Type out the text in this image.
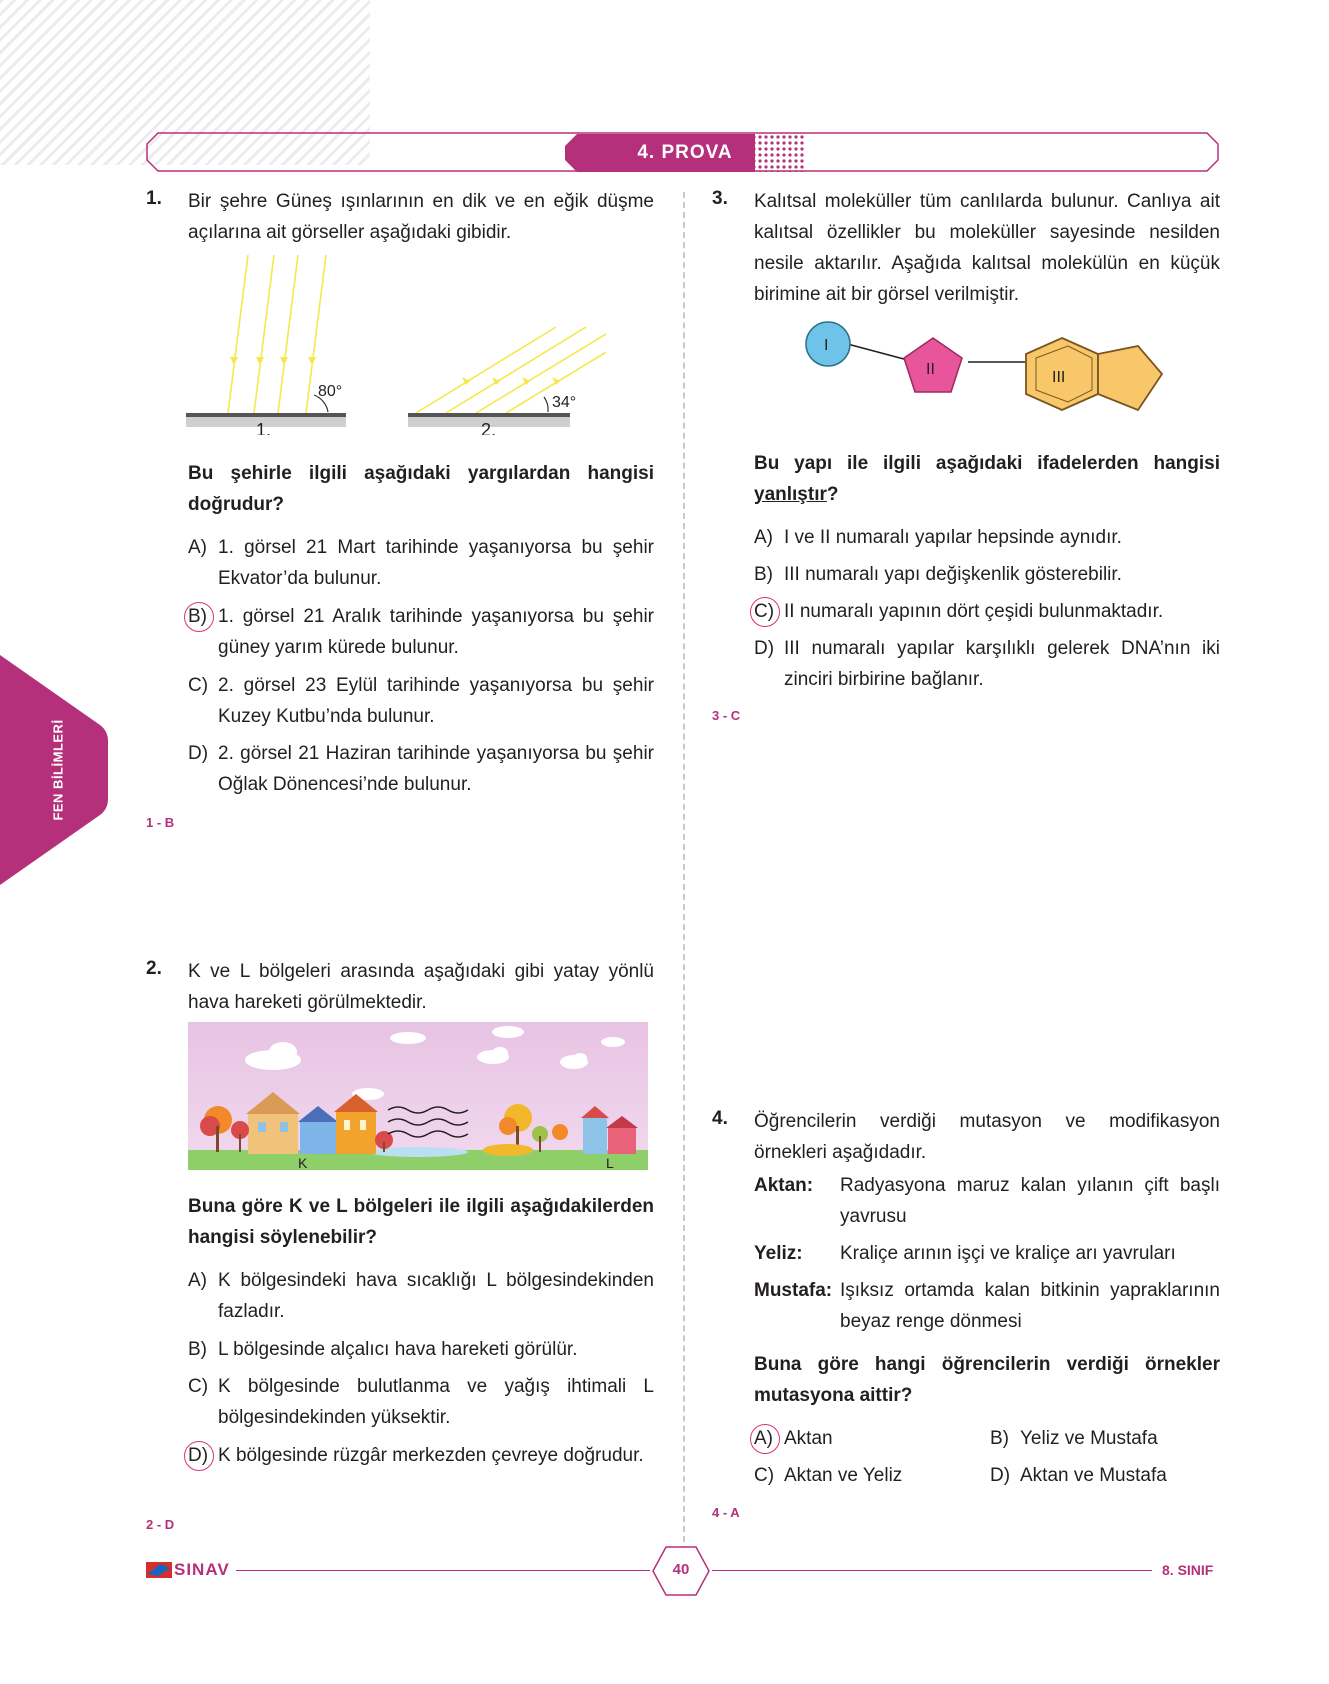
4. PROVA
FEN BİLİMLERİ
1. Bir şehre Güneş ışınlarının en dik ve en eğik düşme açılarına ait görseller aşağıdaki gibidir.
80°
1.
34°
2.
Bu şehirle ilgili aşağıdaki yargılardan hangisi doğrudur?
A) 1. görsel 21 Mart tarihinde yaşanıyorsa bu şehir Ekvator’da bulunur.
B) 1. görsel 21 Aralık tarihinde yaşanıyorsa bu şehir güney yarım kürede bulunur.
C) 2. görsel 23 Eylül tarihinde yaşanıyorsa bu şehir Kuzey Kutbu’nda bulunur.
D) 2. görsel 21 Haziran tarihinde yaşanıyorsa bu şehir Oğlak Dönencesi’nde bulunur.
1 - B
2. K ve L bölgeleri arasında aşağıdaki gibi yatay yönlü hava hareketi görülmektedir.
K	L
Buna göre K ve L bölgeleri ile ilgili aşağıdakilerden hangisi söylenebilir?
A) K bölgesindeki hava sıcaklığı L bölgesindekinden fazladır.
B) L bölgesinde alçalıcı hava hareketi görülür.
C) K bölgesinde bulutlanma ve yağış ihtimali L bölgesindekinden yüksektir.
D) K bölgesinde rüzgâr merkezden çevreye doğrudur.
2 - D
3. Kalıtsal moleküller tüm canlılarda bulunur. Canlıya ait kalıtsal özellikler bu moleküller sayesinde nesilden nesile aktarılır. Aşağıda kalıtsal molekülün en küçük birimine ait bir görsel verilmiştir.
I
II	III
Bu yapı ile ilgili aşağıdaki ifadelerden hangisi yanlıştır?
A) I ve II numaralı yapılar hepsinde aynıdır.
B) III numaralı yapı değişkenlik gösterebilir.
C) II numaralı yapının dört çeşidi bulunmaktadır.
D) III numaralı yapılar karşılıklı gelerek DNA’nın iki zinciri birbirine bağlanır.
3 - C
4. Öğrencilerin verdiği mutasyon ve modifikasyon örnekleri aşağıdadır.
Aktan: Radyasyona maruz kalan yılanın çift başlı yavrusu
Yeliz: Kraliçe arının işçi ve kraliçe arı yavruları
Mustafa: Işıksız ortamda kalan bitkinin yapraklarının beyaz renge dönmesi
Buna göre hangi öğrencilerin verdiği örnekler mutasyona aittir?
A) Aktan	B) Yeliz ve Mustafa
C) Aktan ve Yeliz	D) Aktan ve Mustafa
4 - A
SINAV	40	8. SINIF
